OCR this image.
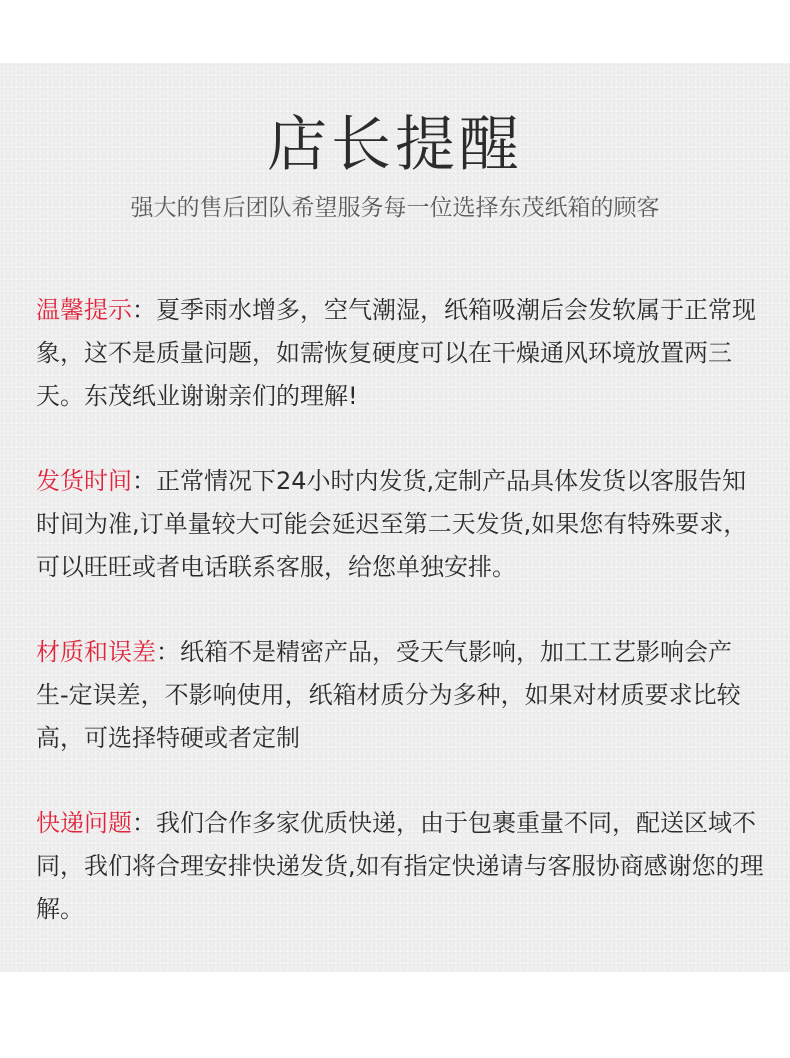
店长提醒

强大的售后团队希望服务每一位选择东茂纸箱的顾客

温馨提示：夏季雨水增多，空气潮湿，纸箱吸潮后会发软属于正常现象，这不是质量问题，如需恢复硬度可以在干燥通风环境放置两三天。东茂纸业谢谢亲们的理解!

发货时间：正常情况下24小时内发货,定制产品具体发货以客服告知时间为准,订单量较大可能会延迟至第二天发货,如果您有特殊要求，可以旺旺或者电话联系客服，给您单独安排。

材质和误差：纸箱不是精密产品，受天气影响，加工工艺影响会产生-定误差，不影响使用，纸箱材质分为多种，如果对材质要求比较高，可选择特硬或者定制

快递问题：我们合作多家优质快递，由于包裹重量不同，配送区域不同，我们将合理安排快递发货,如有指定快递请与客服协商感谢您的理解。
